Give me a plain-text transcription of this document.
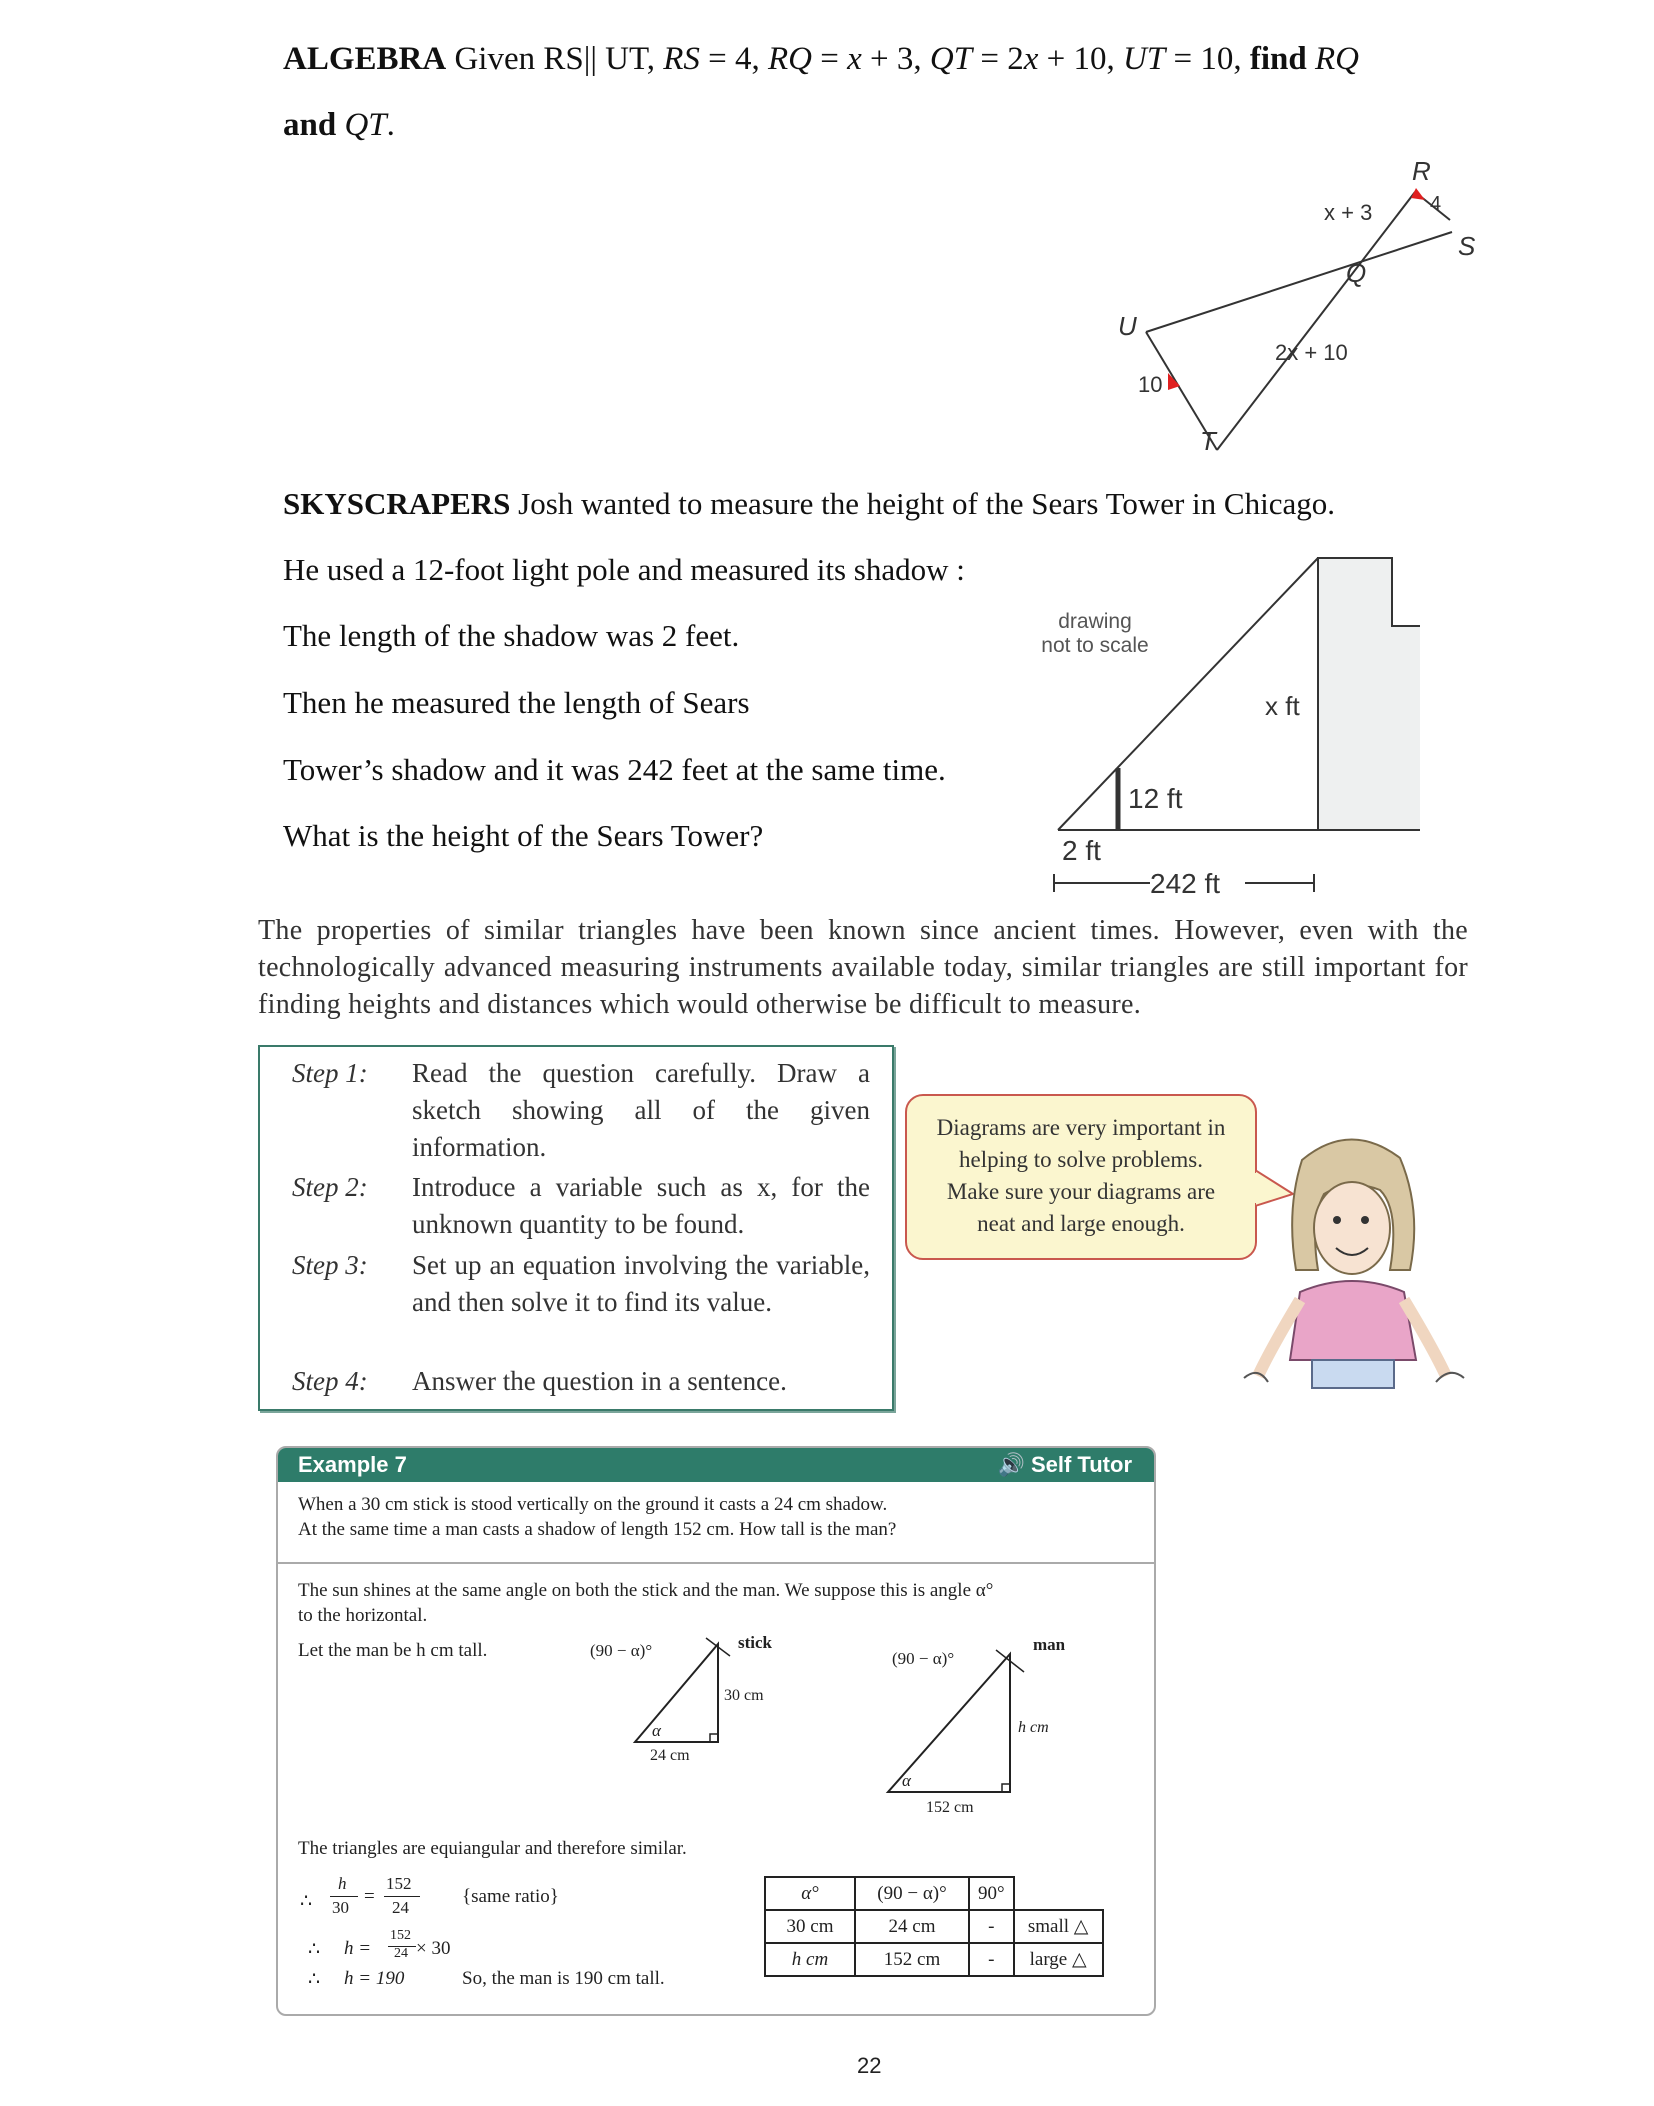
ALGEBRA Given RS|| UT, RS = 4, RQ = x + 3, QT = 2x + 10, UT = 10, find RQ
and QT.
R
S
Q
U
T
x + 3	4
2x + 10
10
SKYSCRAPERS Josh wanted to measure the height of the Sears Tower in Chicago.
He used a 12-foot light pole and measured its shadow :
The length of the shadow was 2 feet.
Then he measured the length of Sears
Tower’s shadow and it was 242 feet at the same time.
What is the height of the Sears Tower?
drawing
not to scale
x ft
12 ft
2 ft
242 ft
The properties of similar triangles have been known since ancient times. However, even with the technologically advanced measuring instruments available today, similar triangles are still important for finding heights and distances which would otherwise be difficult to measure.
Step 1: Read the question carefully. Draw a sketch showing all of the given information.
Step 2: Introduce a variable such as x, for the unknown quantity to be found.
Step 3: Set up an equation involving the variable, and then solve it to find its value.
Step 4: Answer the question in a sentence.
Diagrams are very important in
helping to solve problems.
Make sure your diagrams are
neat and large enough.
Example 7	🔊 Self Tutor
When a 30 cm stick is stood vertically on the ground it casts a 24 cm shadow.
At the same time a man casts a shadow of length 152 cm. How tall is the man?
The sun shines at the same angle on both the stick and the man. We suppose this is angle α°
to the horizontal.
Let the man be h cm tall.	(90 − α)°
α
stick
30 cm
24 cm
(90 − α)°
α
man
h cm
152 cm
The triangles are equiangular and therefore similar.
∴
h
30
=
152
24
{same ratio}
∴ h =
152
24 × 30
∴ h = 190	So, the man is 190 cm tall.
α°	(90 − α)°	90°	
30 cm	24 cm	-	small △
h cm	152 cm	-	large △
22
